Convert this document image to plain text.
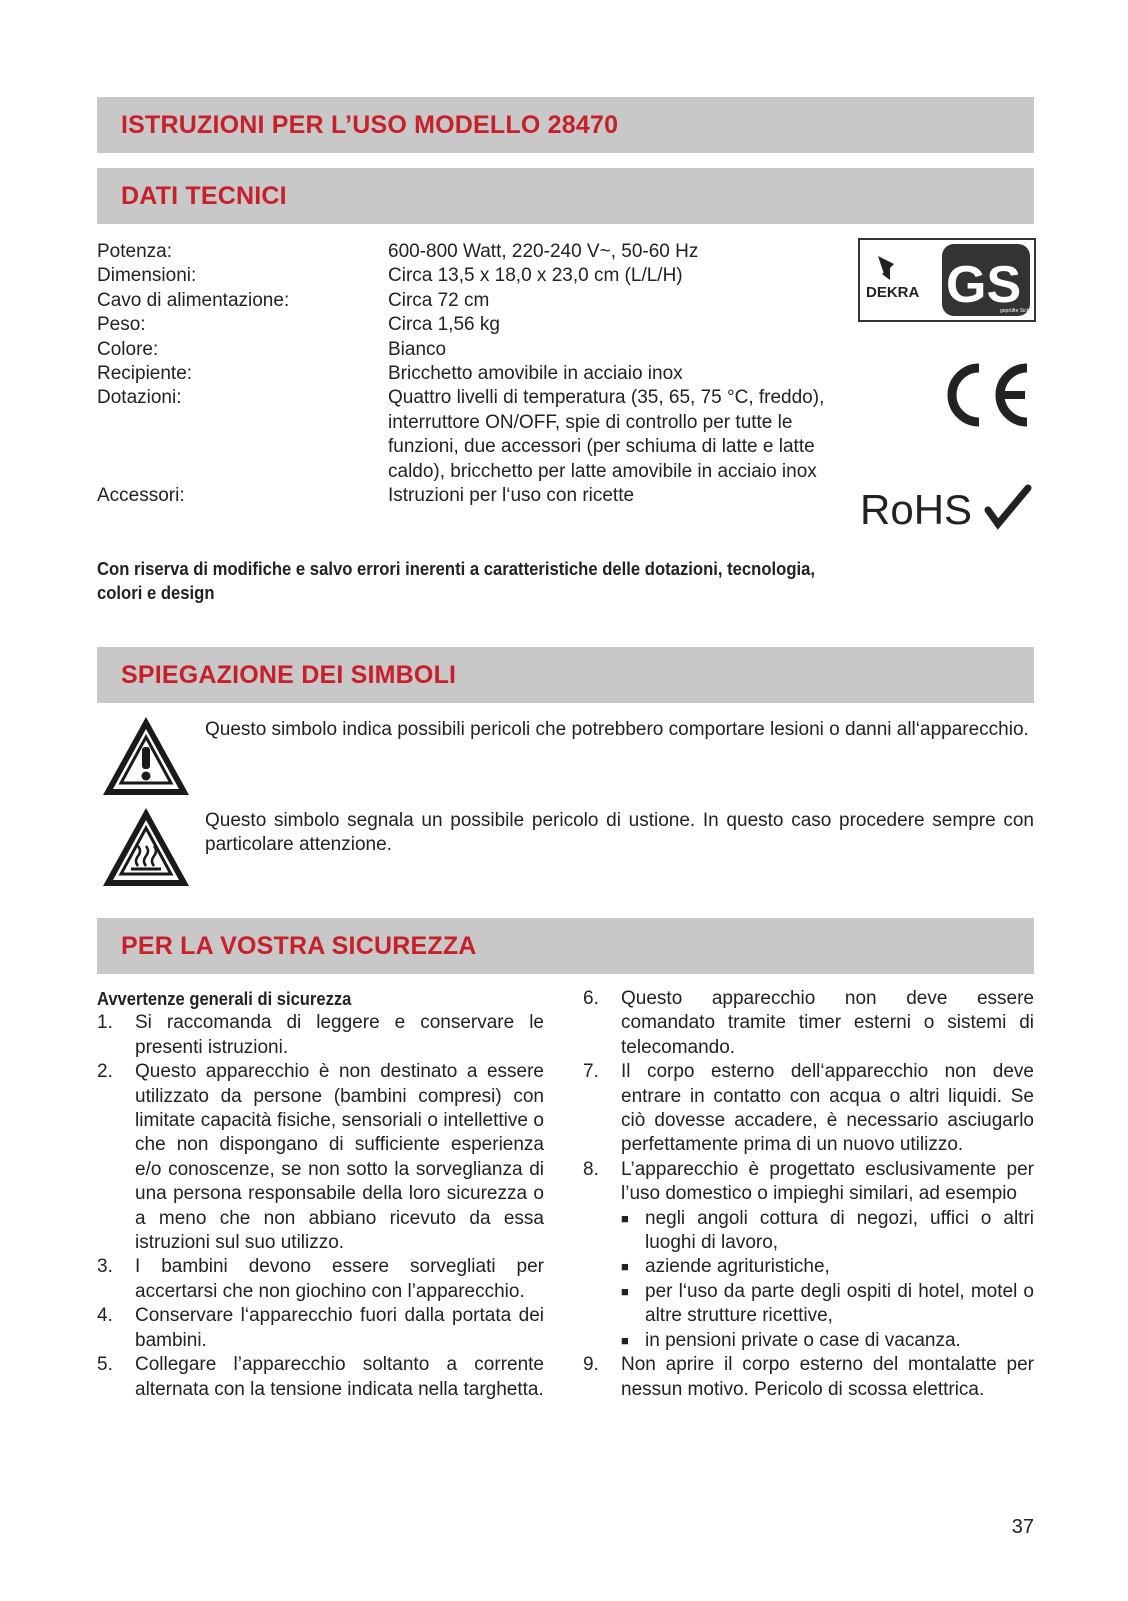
ISTRUZIONI PER L’USO MODELLO 28470
DATI TECNICI
Potenza:	600-800 Watt, 220-240 V~, 50-60 Hz
Dimensioni:	Circa 13,5 x 18,0 x 23,0 cm (L/L/H)
Cavo di alimentazione:	Circa 72 cm
Peso:	Circa 1,56 kg
Colore:	Bianco
Recipiente:	Bricchetto amovibile in acciaio inox
Dotazioni:	Quattro livelli di temperatura (35, 65, 75 °C, freddo), interruttore ON/OFF, spie di controllo per tutte le funzioni, due accessori (per schiuma di latte e latte caldo), bricchetto per latte amovibile in acciaio inox
Accessori:	Istruzioni per l‘uso con ricette
DEKRA GS
geprüfte Siche
CE
RoHS
Con riserva di modifiche e salvo errori inerenti a caratteristiche delle dotazioni, tecnologia, colori e design
SPIEGAZIONE DEI SIMBOLI
Questo simbolo indica possibili pericoli che potrebbero comportare lesioni o danni all‘apparecchio.
Questo simbolo segnala un possibile pericolo di ustione. In questo caso procedere sempre con particolare attenzione.
PER LA VOSTRA SICUREZZA
Avvertenze generali di sicurezza
1.	Si raccomanda di leggere e conservare le presenti istruzioni.
2.	Questo apparecchio è non destinato a essere utilizzato da persone (bambini compresi) con limitate capacità fisiche, sensoriali o intellettive o che non dispongano di sufficiente esperienza e/o conoscenze, se non sotto la sorveglianza di una persona responsabile della loro sicurezza o a meno che non abbiano ricevuto da essa istruzioni sul suo utilizzo.
3.	I bambini devono essere sorvegliati per accertarsi che non giochino con l’apparecchio.
4.	Conservare l‘apparecchio fuori dalla portata dei bambini.
5.	Collegare l’apparecchio soltanto a corrente alternata con la tensione indicata nella targhetta.
6.	Questo apparecchio non deve essere comandato tramite timer esterni o sistemi di telecomando.
7.	Il corpo esterno dell‘apparecchio non deve entrare in contatto con acqua o altri liquidi. Se ciò dovesse accadere, è necessario asciugarlo perfettamente prima di un nuovo utilizzo.
8.	L’apparecchio è progettato esclusivamente per l’uso domestico o impieghi similari, ad esempio
■ negli angoli cottura di negozi, uffici o altri luoghi di lavoro,
■ aziende agrituristiche,
■ per l‘uso da parte degli ospiti di hotel, motel o altre strutture ricettive,
■ in pensioni private o case di vacanza.
9.	Non aprire il corpo esterno del montalatte per nessun motivo. Pericolo di scossa elettrica.
37
